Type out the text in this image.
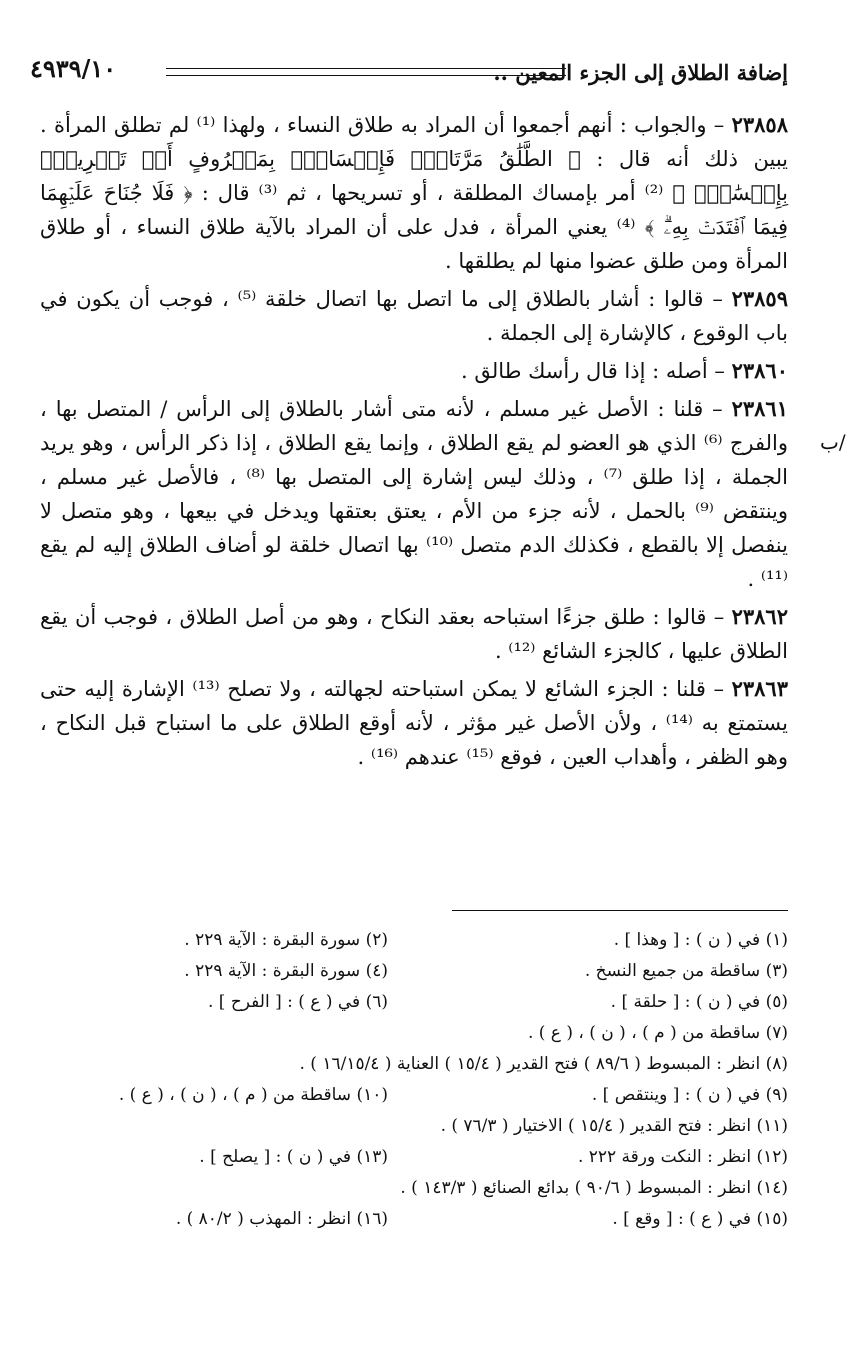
إضافة الطلاق إلى الجزء المعين ..
٤٩٣٩/١٠
/ب

٢٣٨٥٨ – والجواب : أنهم أجمعوا أن المراد به طلاق النساء ، ولهذا ⁽¹⁾ لم تطلق المرأة . يبين ذلك أنه قال : ﴿ الطَّلَٰقُ مَرَّتَانِۖ فَإِمۡسَاكُۢ بِمَعۡرُوفٍ أَوۡ تَسۡرِيحُۢ بِإِحۡسَٰنٖۗ ﴾ ⁽²⁾ أمر بإمساك المطلقة ، أو تسريحها ، ثم ⁽³⁾ قال : ﴿ فَلَا جُنَاحَ عَلَيۡهِمَا فِيمَا ٱفۡتَدَتۡ بِهِۦۗ ﴾ ⁽⁴⁾ يعني المرأة ، فدل على أن المراد بالآية طلاق النساء ، أو طلاق المرأة ومن طلق عضوا منها لم يطلقها .

٢٣٨٥٩ – قالوا : أشار بالطلاق إلى ما اتصل بها اتصال خلقة ⁽⁵⁾ ، فوجب أن يكون في باب الوقوع ، كالإشارة إلى الجملة .

٢٣٨٦٠ – أصله : إذا قال رأسك طالق .

٢٣٨٦١ – قلنا : الأصل غير مسلم ، لأنه متى أشار بالطلاق إلى الرأس / المتصل بها ، والفرج ⁽⁶⁾ الذي هو العضو لم يقع الطلاق ، وإنما يقع الطلاق ، إذا ذكر الرأس ، وهو يريد الجملة ، إذا طلق ⁽⁷⁾ ، وذلك ليس إشارة إلى المتصل بها ⁽⁸⁾ ، فالأصل غير مسلم ، وينتقض ⁽⁹⁾ بالحمل ، لأنه جزء من الأم ، يعتق بعتقها ويدخل في بيعها ، وهو متصل لا ينفصل إلا بالقطع ، فكذلك الدم متصل ⁽¹⁰⁾ بها اتصال خلقة لو أضاف الطلاق إليه لم يقع ⁽¹¹⁾ .

٢٣٨٦٢ – قالوا : طلق جزءًا استباحه بعقد النكاح ، وهو من أصل الطلاق ، فوجب أن يقع الطلاق عليها ، كالجزء الشائع ⁽¹²⁾ .

٢٣٨٦٣ – قلنا : الجزء الشائع لا يمكن استباحته لجهالته ، ولا تصلح ⁽¹³⁾ الإشارة إليه حتى يستمتع به ⁽¹⁴⁾ ، ولأن الأصل غير مؤثر ، لأنه أوقع الطلاق على ما استباح قبل النكاح ، وهو الظفر ، وأهداب العين ، فوقع ⁽¹⁵⁾ عندهم ⁽¹⁶⁾ .

(١) في ( ن ) : [ وهذا ] .
(٢) سورة البقرة : الآية ٢٢٩ .
(٣) ساقطة من جميع النسخ .
(٤) سورة البقرة : الآية ٢٢٩ .
(٥) في ( ن ) : [ حلقة ] .
(٦) في ( ع ) : [ الفرح ] .
(٧) ساقطة من ( م ) ، ( ن ) ، ( ع ) .
(٨) انظر : المبسوط ( ٨٩/٦ ) فتح القدير ( ١٥/٤ ) العناية ( ١٦/١٥/٤ ) .
(٩) في ( ن ) : [ وينتقص ] .
(١٠) ساقطة من ( م ) ، ( ن ) ، ( ع ) .
(١١) انظر : فتح القدير ( ١٥/٤ ) الاختيار ( ٧٦/٣ ) .
(١٢) انظر : النكت ورقة ٢٢٢ .
(١٣) في ( ن ) : [ يصلح ] .
(١٤) انظر : المبسوط ( ٩٠/٦ ) بدائع الصنائع ( ١٤٣/٣ ) .
(١٥) في ( ع ) : [ وقع ] .
(١٦) انظر : المهذب ( ٨٠/٢ ) .
